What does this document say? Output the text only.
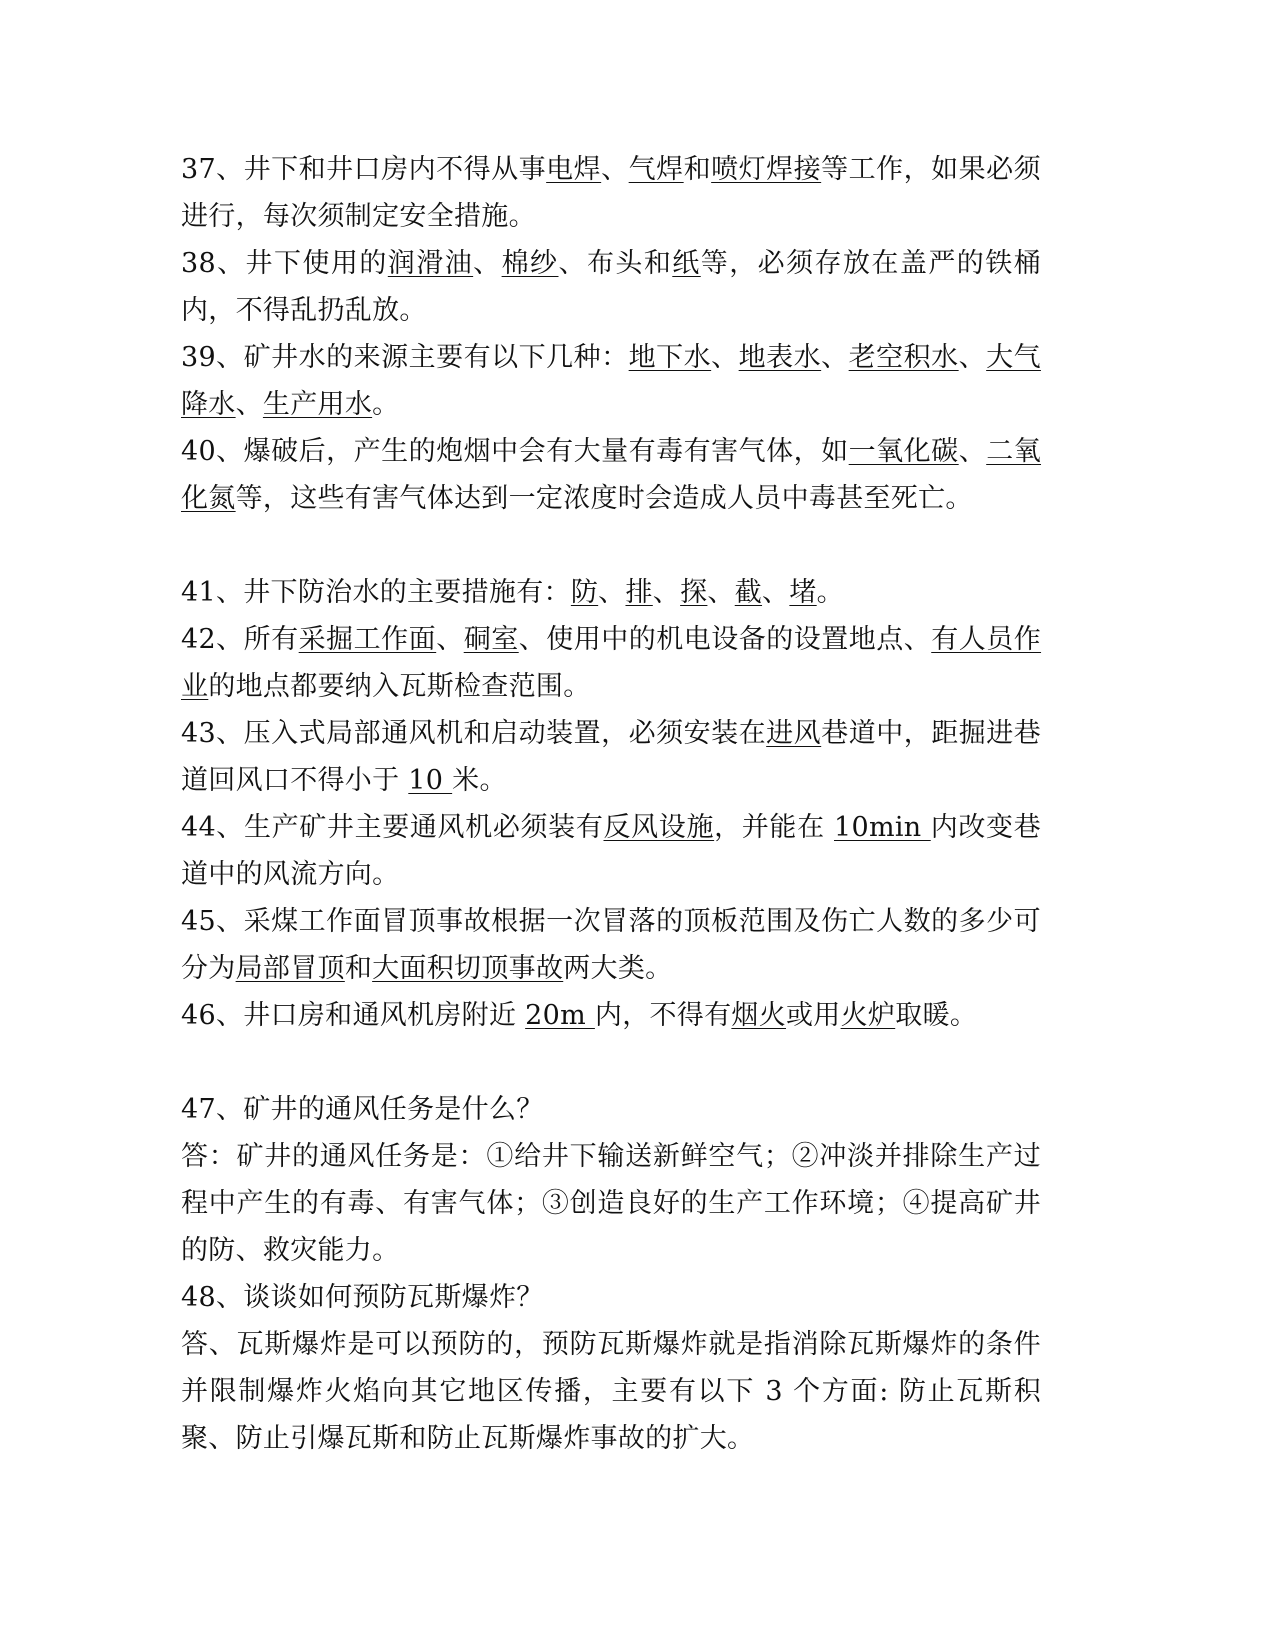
37、井下和井口房内不得从事电焊、气焊和喷灯焊接等工作，如果必须进行，每次须制定安全措施。

38、井下使用的润滑油、棉纱、布头和纸等，必须存放在盖严的铁桶内，不得乱扔乱放。

39、矿井水的来源主要有以下几种：地下水、地表水、老空积水、大气降水、生产用水。

40、爆破后，产生的炮烟中会有大量有毒有害气体，如一氧化碳、二氧化氮等，这些有害气体达到一定浓度时会造成人员中毒甚至死亡。

41、井下防治水的主要措施有：防、排、探、截、堵。

42、所有采掘工作面、硐室、使用中的机电设备的设置地点、有人员作业的地点都要纳入瓦斯检查范围。

43、压入式局部通风机和启动装置，必须安装在进风巷道中，距掘进巷道回风口不得小于 10 米。

44、生产矿井主要通风机必须装有反风设施，并能在 10min 内改变巷道中的风流方向。

45、采煤工作面冒顶事故根据一次冒落的顶板范围及伤亡人数的多少可分为局部冒顶和大面积切顶事故两大类。

46、井口房和通风机房附近 20m 内，不得有烟火或用火炉取暖。

47、矿井的通风任务是什么？

答：矿井的通风任务是：①给井下输送新鲜空气；②冲淡并排除生产过程中产生的有毒、有害气体；③创造良好的生产工作环境；④提高矿井的防、救灾能力。

48、谈谈如何预防瓦斯爆炸？

答、瓦斯爆炸是可以预防的，预防瓦斯爆炸就是指消除瓦斯爆炸的条件并限制爆炸火焰向其它地区传播，主要有以下 3 个方面: 防止瓦斯积聚、防止引爆瓦斯和防止瓦斯爆炸事故的扩大。
